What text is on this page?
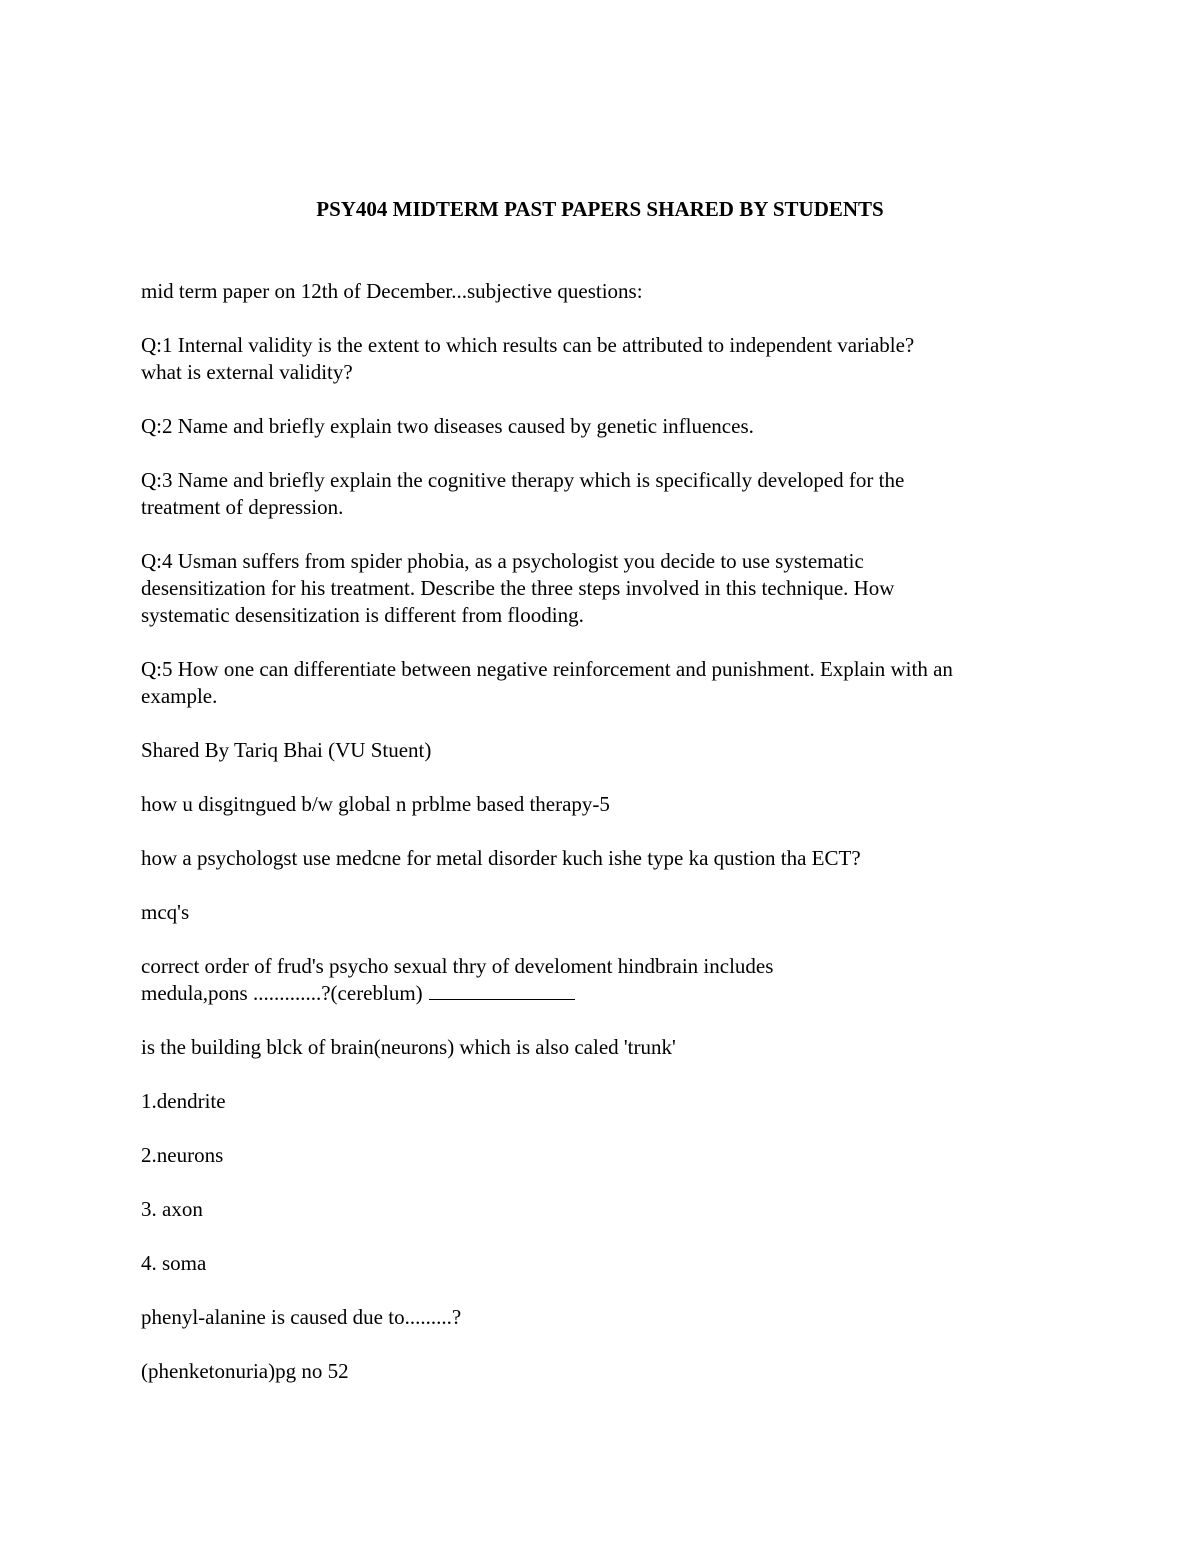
PSY404 MIDTERM PAST PAPERS SHARED BY STUDENTS

mid term paper on 12th of December...subjective questions:

Q:1 Internal validity is the extent to which results can be attributed to independent variable?
what is external validity?

Q:2 Name and briefly explain two diseases caused by genetic influences.

Q:3 Name and briefly explain the cognitive therapy which is specifically developed for the
treatment of depression.

Q:4 Usman suffers from spider phobia, as a psychologist you decide to use systematic
desensitization for his treatment. Describe the three steps involved in this technique. How
systematic desensitization is different from flooding.

Q:5 How one can differentiate between negative reinforcement and punishment. Explain with an
example.

Shared By Tariq Bhai (VU Stuent)

how u disgitngued b/w global n prblme based therapy-5

how a psychologst use medcne for metal disorder kuch ishe type ka qustion tha ECT?

mcq's

correct order of frud's psycho sexual thry of develoment hindbrain includes
medula,pons .............?(cereblum)

is the building blck of brain(neurons) which is also caled 'trunk'

1.dendrite

2.neurons

3. axon

4. soma

phenyl-alanine is caused due to.........?

(phenketonuria)pg no 52
